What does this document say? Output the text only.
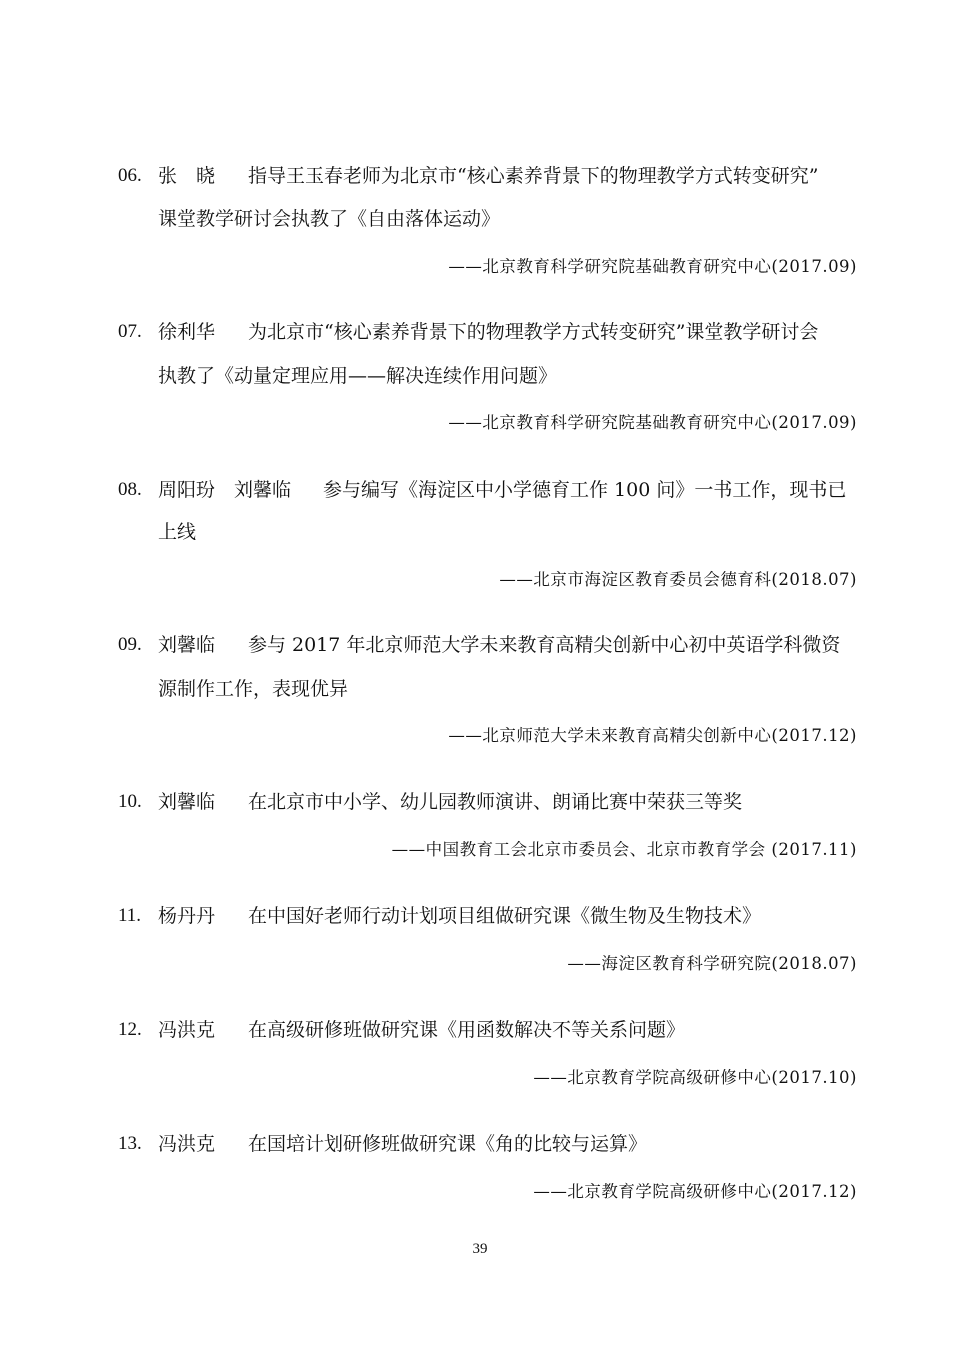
06. 张　晓 指导王玉春老师为北京市“核心素养背景下的物理教学方式转变研究”
课堂教学研讨会执教了《自由落体运动》
——北京教育科学研究院基础教育研究中心(2017.09)
07. 徐利华 为北京市“核心素养背景下的物理教学方式转变研究”课堂教学研讨会
执教了《动量定理应用——解决连续作用问题》
——北京教育科学研究院基础教育研究中心(2017.09)
08. 周阳玢　刘馨临 参与编写《海淀区中小学德育工作 100 问》一书工作，现书已
上线
——北京市海淀区教育委员会德育科(2018.07)
09. 刘馨临 参与 2017 年北京师范大学未来教育高精尖创新中心初中英语学科微资
源制作工作，表现优异
——北京师范大学未来教育高精尖创新中心(2017.12)
10. 刘馨临 在北京市中小学、幼儿园教师演讲、朗诵比赛中荣获三等奖
——中国教育工会北京市委员会、北京市教育学会 (2017.11)
11. 杨丹丹 在中国好老师行动计划项目组做研究课《微生物及生物技术》
——海淀区教育科学研究院(2018.07)
12. 冯洪克 在高级研修班做研究课《用函数解决不等关系问题》
——北京教育学院高级研修中心(2017.10)
13. 冯洪克 在国培计划研修班做研究课《角的比较与运算》
——北京教育学院高级研修中心(2017.12)
39
